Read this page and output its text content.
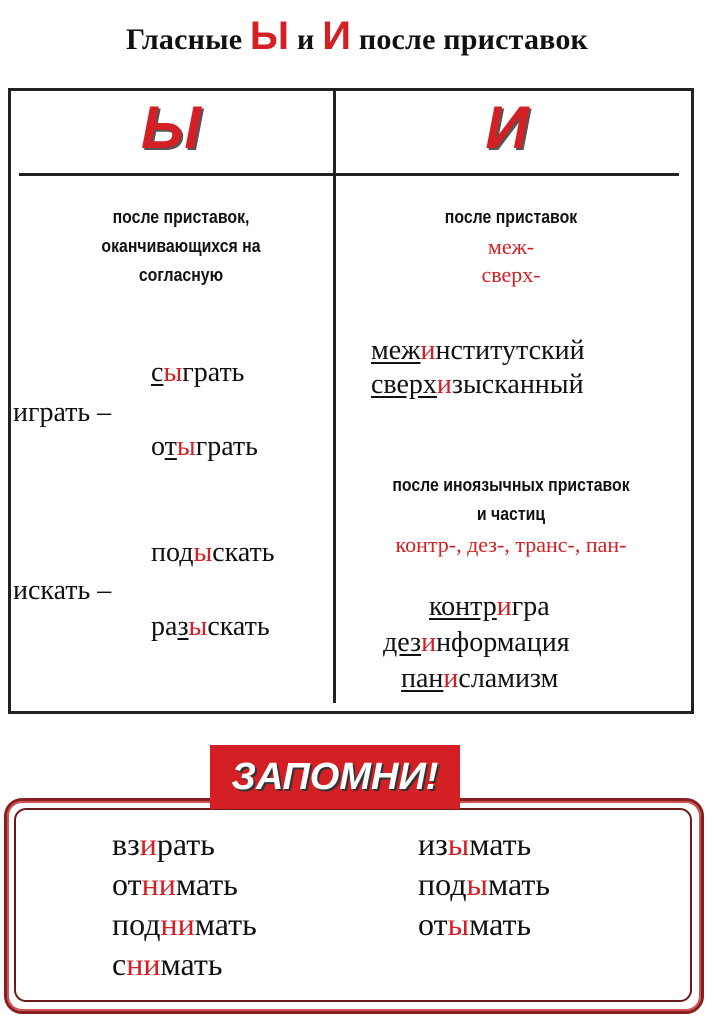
Гласные Ы и И после приставок
Ы	И
после приставок,
оканчивающихся на
согласную
сыграть
играть –
отыграть
подыскать
искать –
разыскать
после приставок
меж-
сверх-
межинститутский
сверхизысканный
после иноязычных приставок
и частиц
контр-, дез-, транс-, пан-
контригра
дезинформация
панисламизм
ЗАПОМНИ!
взирать
отнимать
поднимать
снимать
изымать
подымать
отымать
